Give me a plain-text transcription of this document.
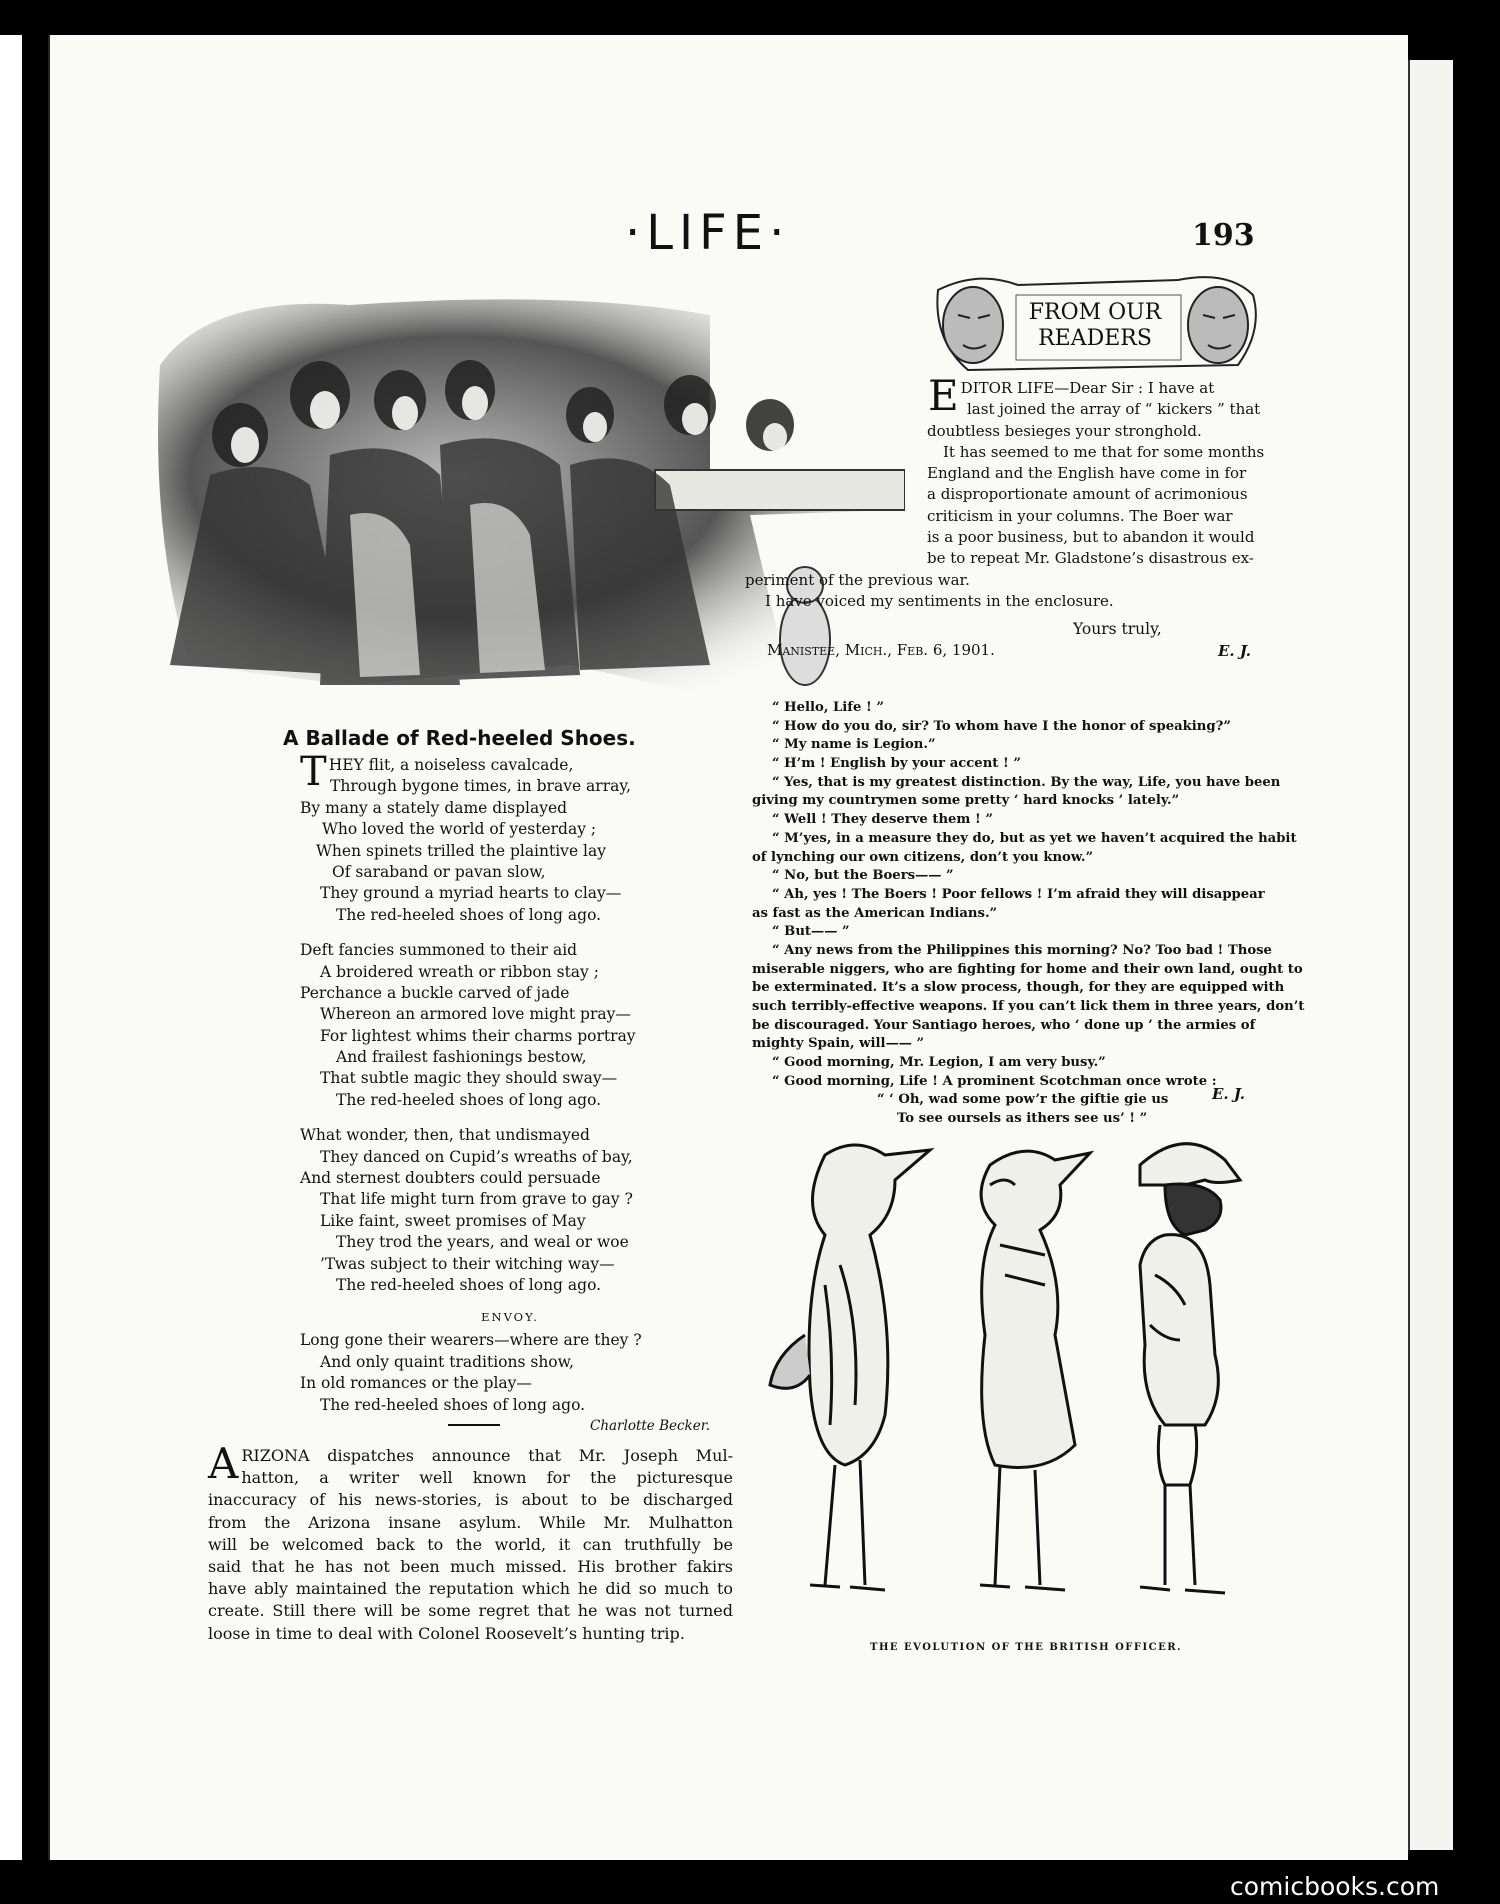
·LIFE·	193
FROM OUR READERS
A Ballade of Red-heeled Shoes.
T HEY flit, a noiseless cavalcade,
Through bygone times, in brave array,
By many a stately dame displayed
Who loved the world of yesterday ;
When spinets trilled the plaintive lay
Of saraband or pavan slow,
They ground a myriad hearts to clay—
The red-heeled shoes of long ago.
Deft fancies summoned to their aid
A broidered wreath or ribbon stay ;
Perchance a buckle carved of jade
Whereon an armored love might pray—
For lightest whims their charms portray
And frailest fashionings bestow,
That subtle magic they should sway—
The red-heeled shoes of long ago.
What wonder, then, that undismayed
They danced on Cupid’s wreaths of bay,
And sternest doubters could persuade
That life might turn from grave to gay ?
Like faint, sweet promises of May
They trod the years, and weal or woe
’Twas subject to their witching way—
The red-heeled shoes of long ago.
ENVOY.
Long gone their wearers—where are they ?
And only quaint traditions show,
In old romances or the play—
The red-heeled shoes of long ago.
Charlotte Becker.
A RIZONA dispatches announce that Mr. Joseph Mul-
hatton, a writer well known for the picturesque
inaccuracy of his news-stories, is about to be discharged
from the Arizona insane asylum. While Mr. Mulhatton
will be welcomed back to the world, it can truthfully be
said that he has not been much missed. His brother fakirs
have ably maintained the reputation which he did so much to
create. Still there will be some regret that he was not turned
loose in time to deal with Colonel Roosevelt’s hunting trip.
E DITOR LIFE—Dear Sir : I have at
last joined the array of “ kickers ” that
doubtless besieges your stronghold.
It has seemed to me that for some months
England and the English have come in for
a disproportionate amount of acrimonious
criticism in your columns. The Boer war
is a poor business, but to abandon it would
be to repeat Mr. Gladstone’s disastrous ex-
periment of the previous war.
I have voiced my sentiments in the enclosure.
Yours truly,
Manistee, Mich., Feb. 6, 1901.	E. J.
“ Hello, Life ! ”
“ How do you do, sir? To whom have I the honor of speaking?”
“ My name is Legion.”
“ H’m ! English by your accent ! ”
“ Yes, that is my greatest distinction. By the way, Life, you have been
giving my countrymen some pretty ‘ hard knocks ’ lately.”
“ Well ! They deserve them ! ”
“ M’yes, in a measure they do, but as yet we haven’t acquired the habit
of lynching our own citizens, don’t you know.”
“ No, but the Boers—— ”
“ Ah, yes ! The Boers ! Poor fellows ! I’m afraid they will disappear
as fast as the American Indians.”
“ But—— ”
“ Any news from the Philippines this morning? No? Too bad ! Those
miserable niggers, who are fighting for home and their own land, ought to
be exterminated. It’s a slow process, though, for they are equipped with
such terribly-effective weapons. If you can’t lick them in three years, don’t
be discouraged. Your Santiago heroes, who ‘ done up ’ the armies of
mighty Spain, will—— ”
“ Good morning, Mr. Legion, I am very busy.”
“ Good morning, Life ! A prominent Scotchman once wrote :
“ ‘ Oh, wad some pow’r the giftie gie us
To see oursels as ithers see us’ ! ”
E. J.
THE EVOLUTION OF THE BRITISH OFFICER.
comicbooks.com
